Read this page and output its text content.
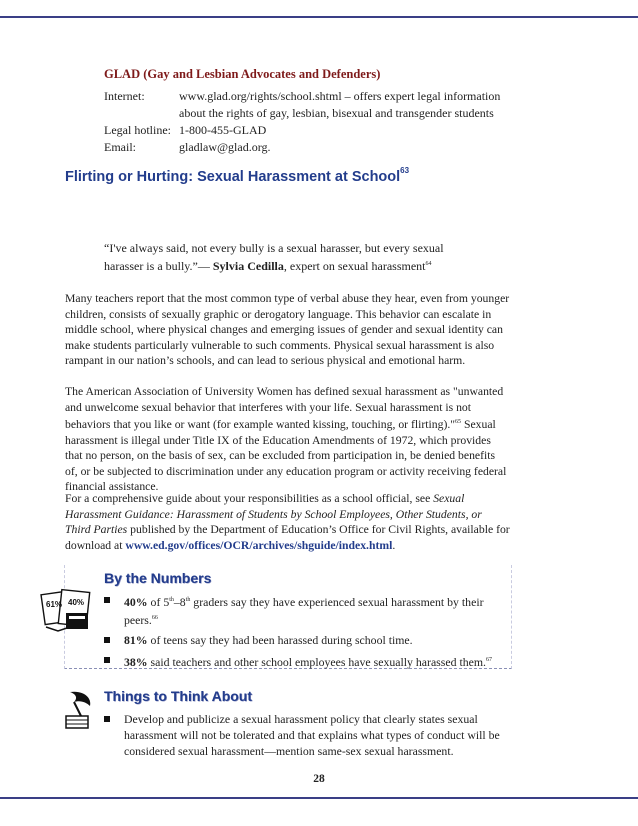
GLAD (Gay and Lesbian Advocates and Defenders)
Internet:	www.glad.org/rights/school.shtml – offers expert legal information
about the rights of gay, lesbian, bisexual and transgender students
Legal hotline: 1-800-455-GLAD
Email:	gladlaw@glad.org.
Flirting or Hurting: Sexual Harassment at School$^{63}$
“I've always said, not every bully is a sexual harasser, but every sexual
harasser is a bully.”— Sylvia Cedilla, expert on sexual harassment$^{64}$
Many teachers report that the most common type of verbal abuse they hear, even from younger children, consists of sexually graphic or derogatory language. This behavior can escalate in middle school, where physical changes and emerging issues of gender and sexual identity can make students particularly vulnerable to such comments. Physical sexual harassment is also rampant in our nation’s schools, and can lead to serious physical and emotional harm.
The American Association of University Women has defined sexual harassment as "unwanted and unwelcome sexual behavior that interferes with your life. Sexual harassment is not behaviors that you like or want (for example wanted kissing, touching, or flirting)."$^{65}$ Sexual harassment is illegal under Title IX of the Education Amendments of 1972, which provides that no person, on the basis of sex, can be excluded from participation in, be denied benefits of, or be subjected to discrimination under any education program or activity receiving federal financial assistance.
For a comprehensive guide about your responsibilities as a school official, see Sexual Harassment Guidance: Harassment of Students by School Employees, Other Students, or Third Parties published by the Department of Education’s Office for Civil Rights, available for download at www.ed.gov/offices/OCR/archives/shguide/index.html.
61% 40%
By the Numbers
40% of 5th–8th graders say they have experienced sexual harassment by their peers.$^{66}$
81% of teens say they had been harassed during school time.
38% said teachers and other school employees have sexually harassed them.$^{67}$
Things to Think About
Develop and publicize a sexual harassment policy that clearly states sexual harassment will not be tolerated and that explains what types of conduct will be considered sexual harassment—mention same-sex sexual harassment.
28
